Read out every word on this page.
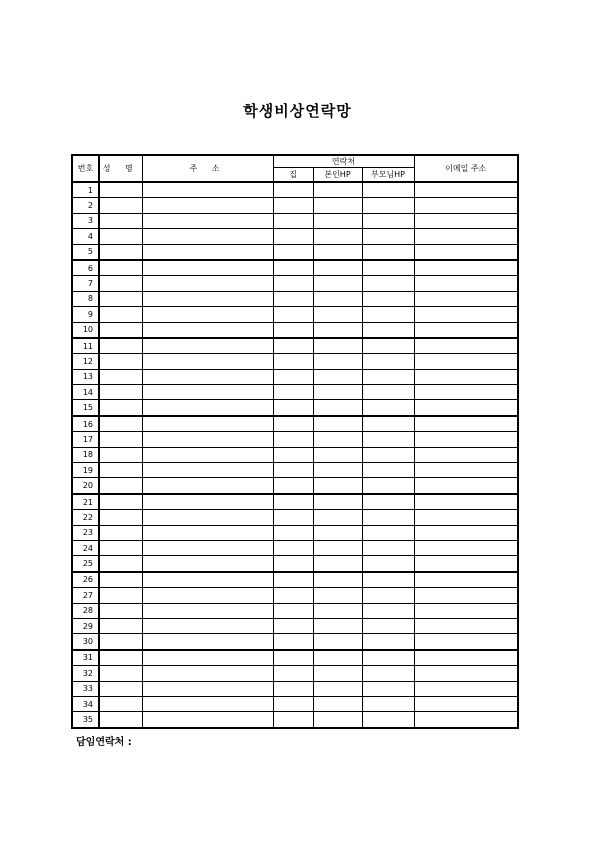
학생비상연락망
번호	성 명	주 소	연락처			이메일 주소
			집	본인HP	부모님HP	
1						
2						
3						
4						
5						
6						
7						
8						
9						
10						
11						
12						
13						
14						
15						
16						
17						
18						
19						
20						
21						
22						
23						
24						
25						
26						
27						
28						
29						
30						
31						
32						
33						
34						
35						
담임연락처 :
